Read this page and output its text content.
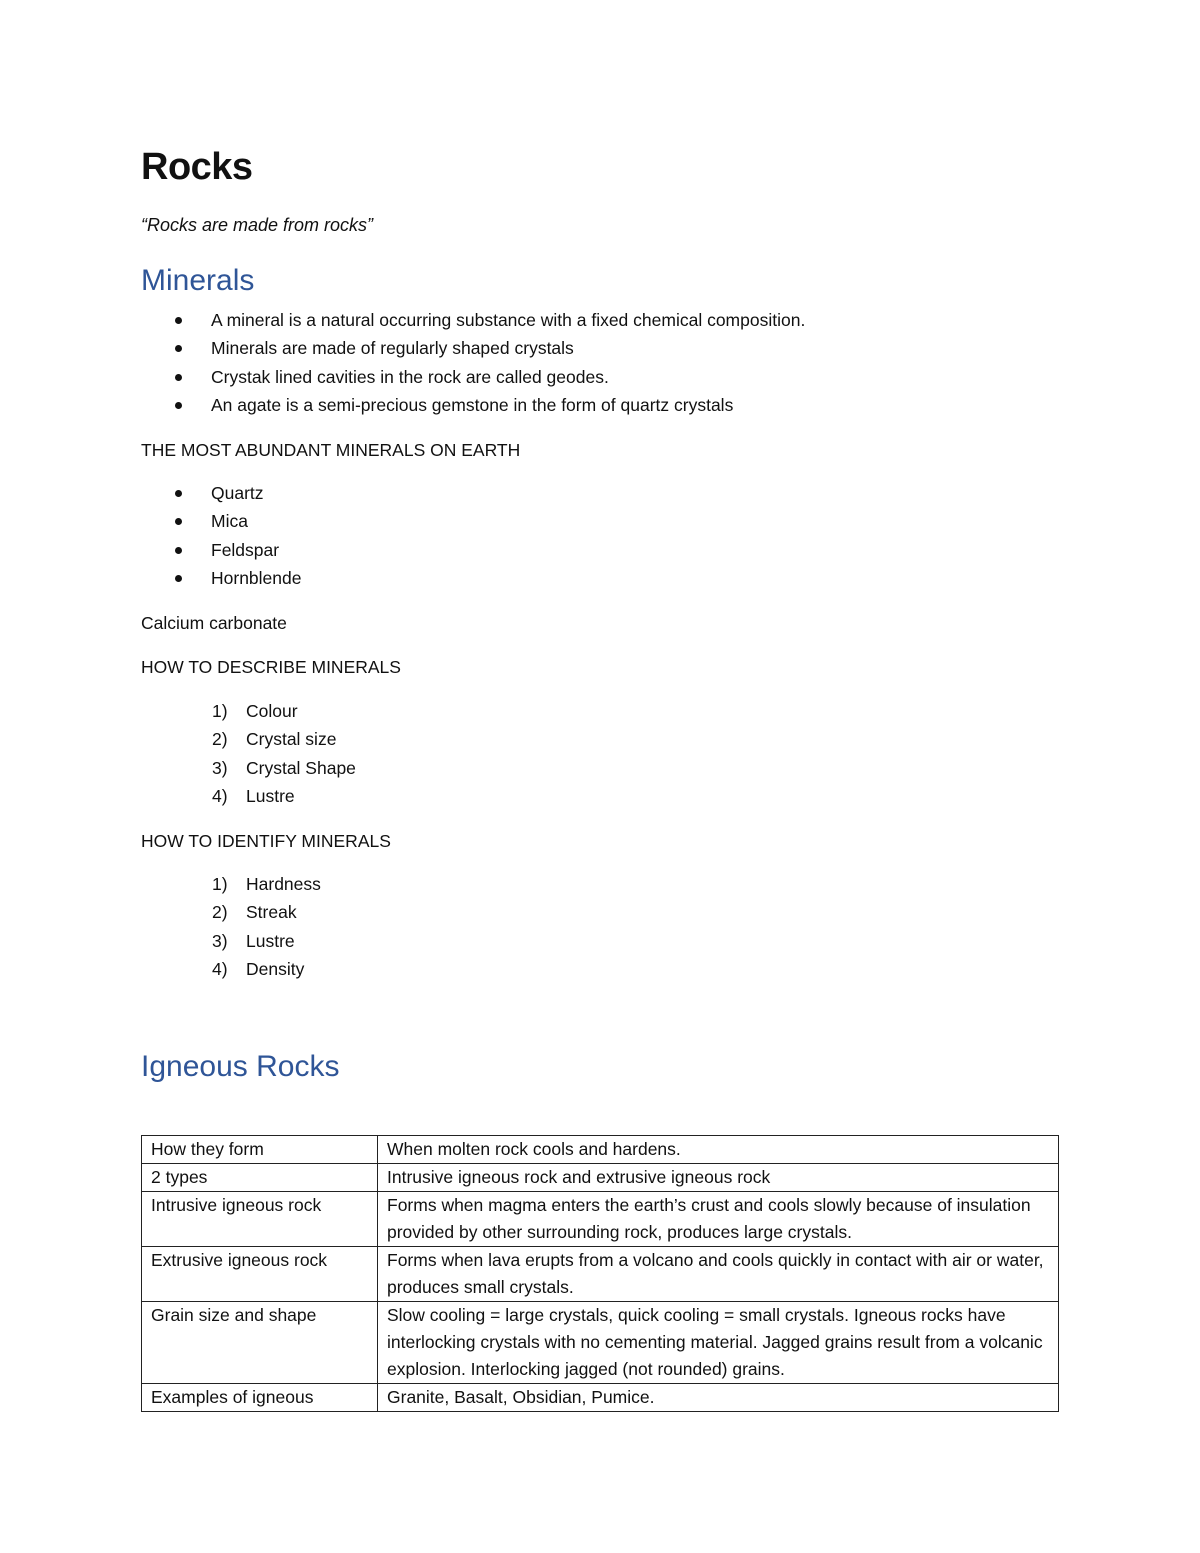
Rocks
“Rocks are made from rocks”
Minerals
A mineral is a natural occurring substance with a fixed chemical composition.
Minerals are made of regularly shaped crystals
Crystak lined cavities in the rock are called geodes.
An agate is a semi-precious gemstone in the form of quartz crystals
THE MOST ABUNDANT MINERALS ON EARTH
Quartz
Mica
Feldspar
Hornblende
Calcium carbonate
HOW TO DESCRIBE MINERALS
1) Colour
2) Crystal size
3) Crystal Shape
4) Lustre
HOW TO IDENTIFY MINERALS
1) Hardness
2) Streak
3) Lustre
4) Density
Igneous Rocks
How they form	When molten rock cools and hardens.
2 types	Intrusive igneous rock and extrusive igneous rock
Intrusive igneous rock	Forms when magma enters the earth’s crust and cools slowly because of insulation provided by other surrounding rock, produces large crystals.
Extrusive igneous rock	Forms when lava erupts from a volcano and cools quickly in contact with air or water, produces small crystals.
Grain size and shape	Slow cooling = large crystals, quick cooling = small crystals. Igneous rocks have interlocking crystals with no cementing material. Jagged grains result from a volcanic explosion. Interlocking jagged (not rounded) grains.
Examples of igneous	Granite, Basalt, Obsidian, Pumice.
